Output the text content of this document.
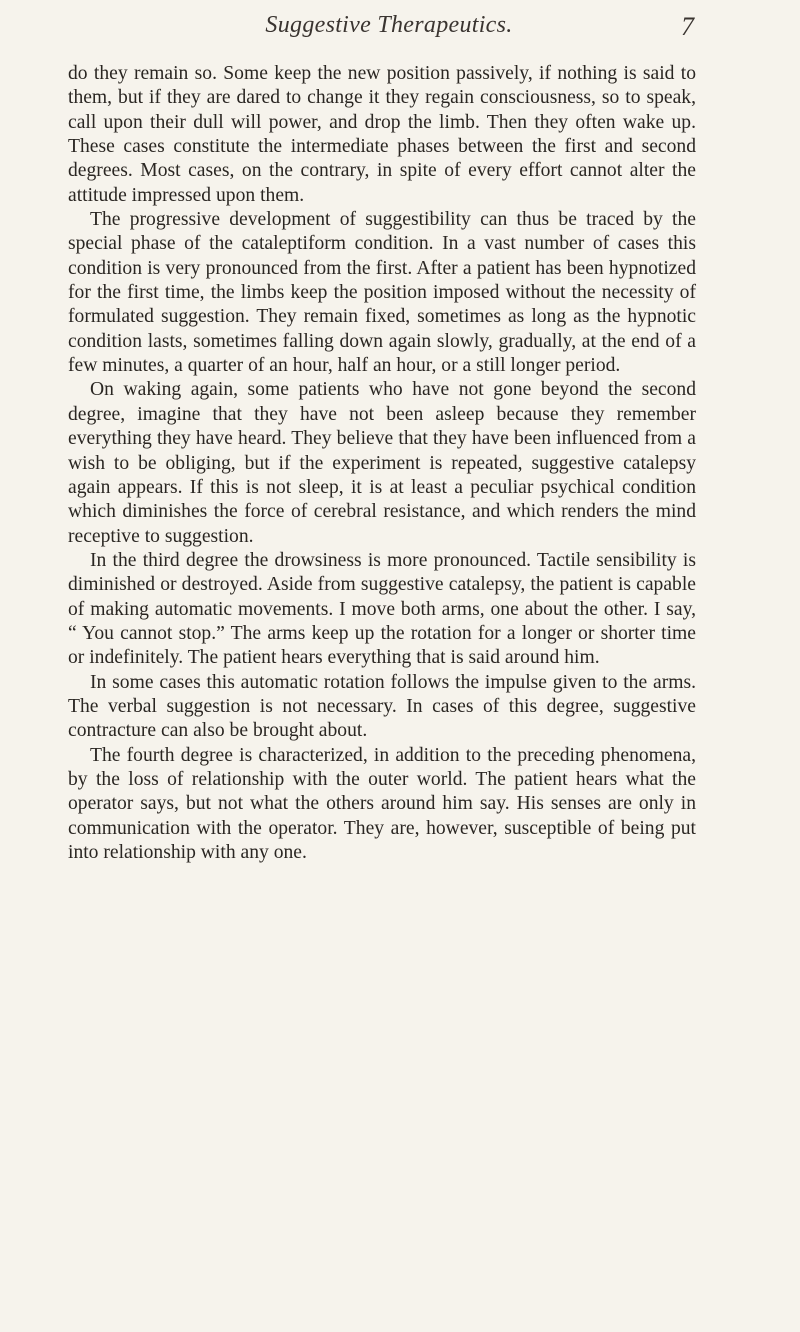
Suggestive Therapeutics.	7

do they remain so. Some keep the new position passively, if nothing is said to them, but if they are dared to change it they regain consciousness, so to speak, call upon their dull will power, and drop the limb. Then they often wake up. These cases constitute the intermediate phases between the first and second degrees. Most cases, on the contrary, in spite of every effort cannot alter the attitude impressed upon them.

The progressive development of suggestibility can thus be traced by the special phase of the cataleptiform condition. In a vast number of cases this condition is very pronounced from the first. After a patient has been hypnotized for the first time, the limbs keep the position imposed without the necessity of formulated suggestion. They remain fixed, sometimes as long as the hypnotic condition lasts, sometimes falling down again slowly, gradually, at the end of a few minutes, a quarter of an hour, half an hour, or a still longer period.

On waking again, some patients who have not gone beyond the second degree, imagine that they have not been asleep because they remember everything they have heard. They believe that they have been influenced from a wish to be obliging, but if the experiment is repeated, suggestive catalepsy again appears. If this is not sleep, it is at least a peculiar psychical condition which diminishes the force of cerebral resistance, and which renders the mind receptive to suggestion.

In the third degree the drowsiness is more pronounced. Tactile sensibility is diminished or destroyed. Aside from suggestive catalepsy, the patient is capable of making automatic movements. I move both arms, one about the other. I say, “ You cannot stop.” The arms keep up the rotation for a longer or shorter time or indefinitely. The patient hears everything that is said around him.

In some cases this automatic rotation follows the impulse given to the arms. The verbal suggestion is not necessary. In cases of this degree, suggestive contracture can also be brought about.

The fourth degree is characterized, in addition to the preceding phenomena, by the loss of relationship with the outer world. The patient hears what the operator says, but not what the others around him say. His senses are only in communication with the operator. They are, however, susceptible of being put into relationship with any one.
